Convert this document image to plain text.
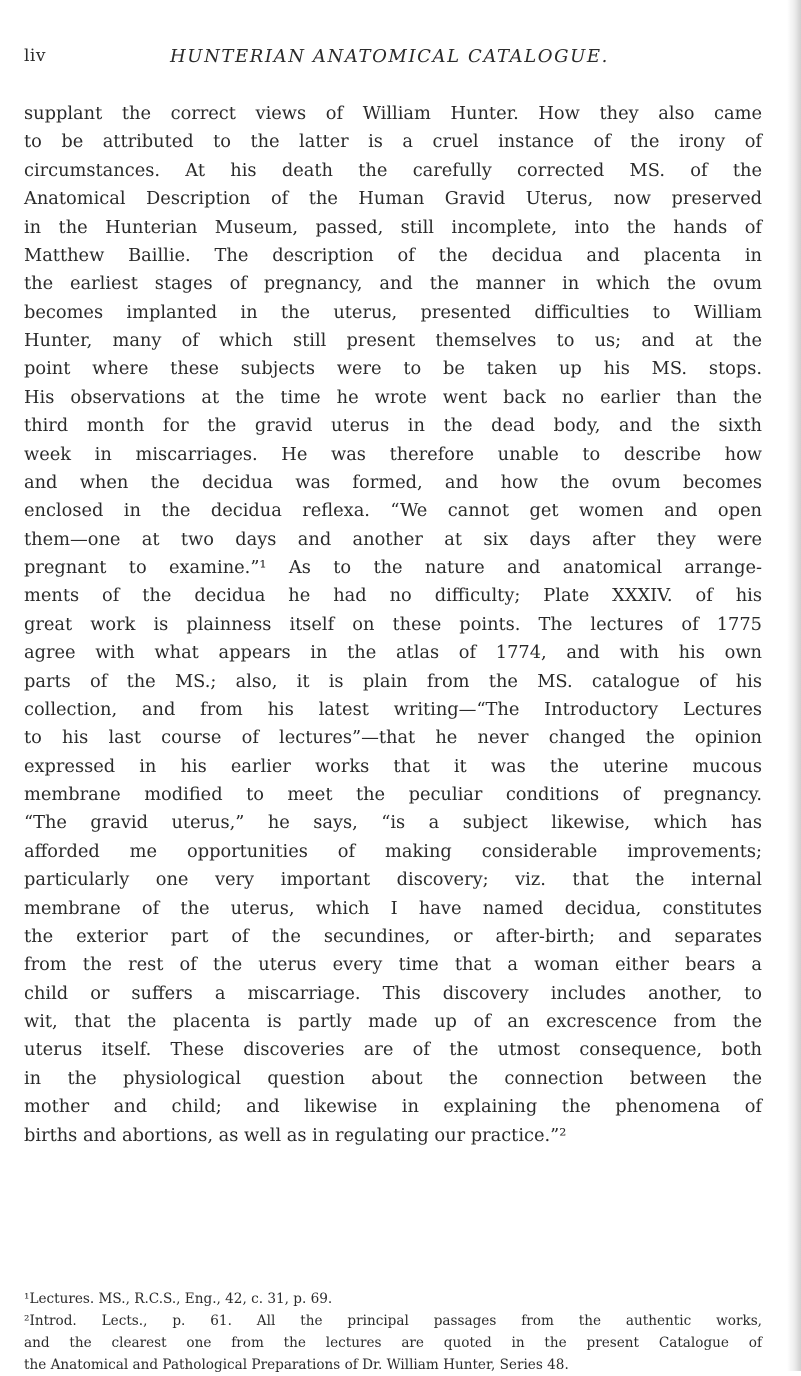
liv	HUNTERIAN ANATOMICAL CATALOGUE.
supplant the correct views of William Hunter. How they also came
to be attributed to the latter is a cruel instance of the irony of
circumstances. At his death the carefully corrected MS. of the
Anatomical Description of the Human Gravid Uterus, now preserved
in the Hunterian Museum, passed, still incomplete, into the hands of
Matthew Baillie. The description of the decidua and placenta in
the earliest stages of pregnancy, and the manner in which the ovum
becomes implanted in the uterus, presented difficulties to William
Hunter, many of which still present themselves to us; and at the
point where these subjects were to be taken up his MS. stops.
His observations at the time he wrote went back no earlier than the
third month for the gravid uterus in the dead body, and the sixth
week in miscarriages. He was therefore unable to describe how
and when the decidua was formed, and how the ovum becomes
enclosed in the decidua reflexa. “We cannot get women and open
them—one at two days and another at six days after they were
pregnant to examine.”¹ As to the nature and anatomical arrange-
ments of the decidua he had no difficulty; Plate XXXIV. of his
great work is plainness itself on these points. The lectures of 1775
agree with what appears in the atlas of 1774, and with his own
parts of the MS.; also, it is plain from the MS. catalogue of his
collection, and from his latest writing—“The Introductory Lectures
to his last course of lectures”—that he never changed the opinion
expressed in his earlier works that it was the uterine mucous
membrane modified to meet the peculiar conditions of pregnancy.
“The gravid uterus,” he says, “is a subject likewise, which has
afforded me opportunities of making considerable improvements;
particularly one very important discovery; viz. that the internal
membrane of the uterus, which I have named decidua, constitutes
the exterior part of the secundines, or after-birth; and separates
from the rest of the uterus every time that a woman either bears a
child or suffers a miscarriage. This discovery includes another, to
wit, that the placenta is partly made up of an excrescence from the
uterus itself. These discoveries are of the utmost consequence, both
in the physiological question about the connection between the
mother and child; and likewise in explaining the phenomena of
births and abortions, as well as in regulating our practice.”²
¹Lectures. MS., R.C.S., Eng., 42, c. 31, p. 69.
²Introd. Lects., p. 61. All the principal passages from the authentic works,
and the clearest one from the lectures are quoted in the present Catalogue of
the Anatomical and Pathological Preparations of Dr. William Hunter, Series 48.
